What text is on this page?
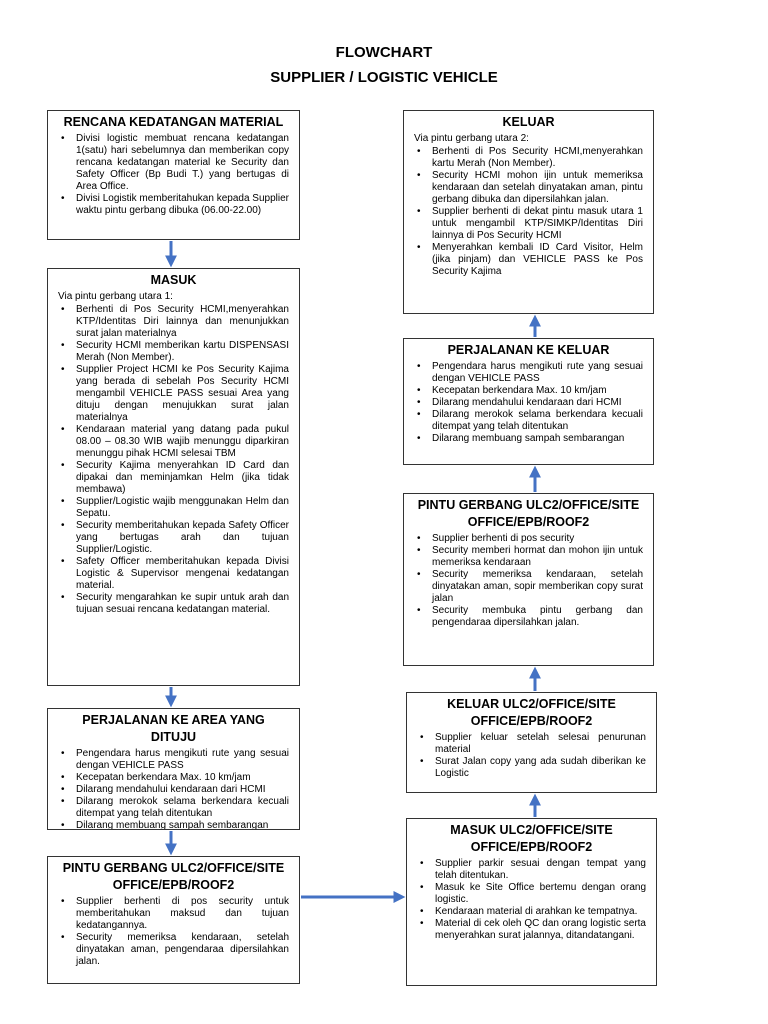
FLOWCHART
SUPPLIER / LOGISTIC VEHICLE
RENCANA KEDATANGAN MATERIAL
• Divisi logistic membuat rencana kedatangan 1(satu) hari sebelumnya dan memberikan copy rencana kedatangan material ke Security dan Safety Officer (Bp Budi T.) yang bertugas di Area Office.
• Divisi Logistik memberitahukan kepada Supplier waktu pintu gerbang dibuka (06.00-22.00)
MASUK
Via pintu gerbang utara 1:
• Berhenti di Pos Security HCMI,menyerahkan KTP/Identitas Diri lainnya dan menunjukkan surat jalan materialnya
• Security HCMI memberikan kartu DISPENSASI Merah (Non Member).
• Supplier Project HCMI ke Pos Security Kajima yang berada di sebelah Pos Security HCMI mengambil VEHICLE PASS sesuai Area yang dituju dengan menujukkan surat jalan materialnya
• Kendaraan material yang datang pada pukul 08.00 – 08.30 WIB wajib menunggu diparkiran menunggu pihak HCMI selesai TBM
• Security Kajima menyerahkan ID Card dan dipakai dan meminjamkan Helm (jika tidak membawa)
• Supplier/Logistic wajib menggunakan Helm dan Sepatu.
• Security memberitahukan kepada Safety Officer yang bertugas arah dan tujuan Supplier/Logistic.
• Safety Officer memberitahukan kepada Divisi Logistic & Supervisor mengenai kedatangan material.
• Security mengarahkan ke supir untuk arah dan tujuan sesuai rencana kedatangan material.
PERJALANAN KE AREA YANG DITUJU
• Pengendara harus mengikuti rute yang sesuai dengan VEHICLE PASS
• Kecepatan berkendara Max. 10 km/jam
• Dilarang mendahului kendaraan dari HCMI
• Dilarang merokok selama berkendara kecuali ditempat yang telah ditentukan
• Dilarang membuang sampah sembarangan
PINTU GERBANG ULC2/OFFICE/SITE OFFICE/EPB/ROOF2
• Supplier berhenti di pos security untuk memberitahukan maksud dan tujuan kedatangannya.
• Security memeriksa kendaraan, setelah dinyatakan aman, pengendaraa dipersilahkan jalan.
KELUAR
Via pintu gerbang utara 2:
• Berhenti di Pos Security HCMI,menyerahkan kartu Merah (Non Member).
• Security HCMI mohon ijin untuk memeriksa kendaraan dan setelah dinyatakan aman, pintu gerbang dibuka dan dipersilahkan jalan.
• Supplier berhenti di dekat pintu masuk utara 1 untuk mengambil KTP/SIMKP/Identitas Diri lainnya di Pos Security HCMI
• Menyerahkan kembali ID Card Visitor, Helm (jika pinjam) dan VEHICLE PASS ke Pos Security Kajima
PERJALANAN KE KELUAR
• Pengendara harus mengikuti rute yang sesuai dengan VEHICLE PASS
• Kecepatan berkendara Max. 10 km/jam
• Dilarang mendahului kendaraan dari HCMI
• Dilarang merokok selama berkendara kecuali ditempat yang telah ditentukan
• Dilarang membuang sampah sembarangan
PINTU GERBANG ULC2/OFFICE/SITE OFFICE/EPB/ROOF2
• Supplier berhenti di pos security
• Security memberi hormat dan mohon ijin untuk memeriksa kendaraan
• Security memeriksa kendaraan, setelah dinyatakan aman, sopir memberikan copy surat jalan
• Security membuka pintu gerbang dan pengendaraa dipersilahkan jalan.
KELUAR ULC2/OFFICE/SITE OFFICE/EPB/ROOF2
• Supplier keluar setelah selesai penurunan material
• Surat Jalan copy yang ada sudah diberikan ke Logistic
MASUK ULC2/OFFICE/SITE OFFICE/EPB/ROOF2
• Supplier parkir sesuai dengan tempat yang telah ditentukan.
• Masuk ke Site Office bertemu dengan orang logistic.
• Kendaraan material di arahkan ke tempatnya.
• Material di cek oleh QC dan orang logistic serta menyerahkan surat jalannya, ditandatangani.
